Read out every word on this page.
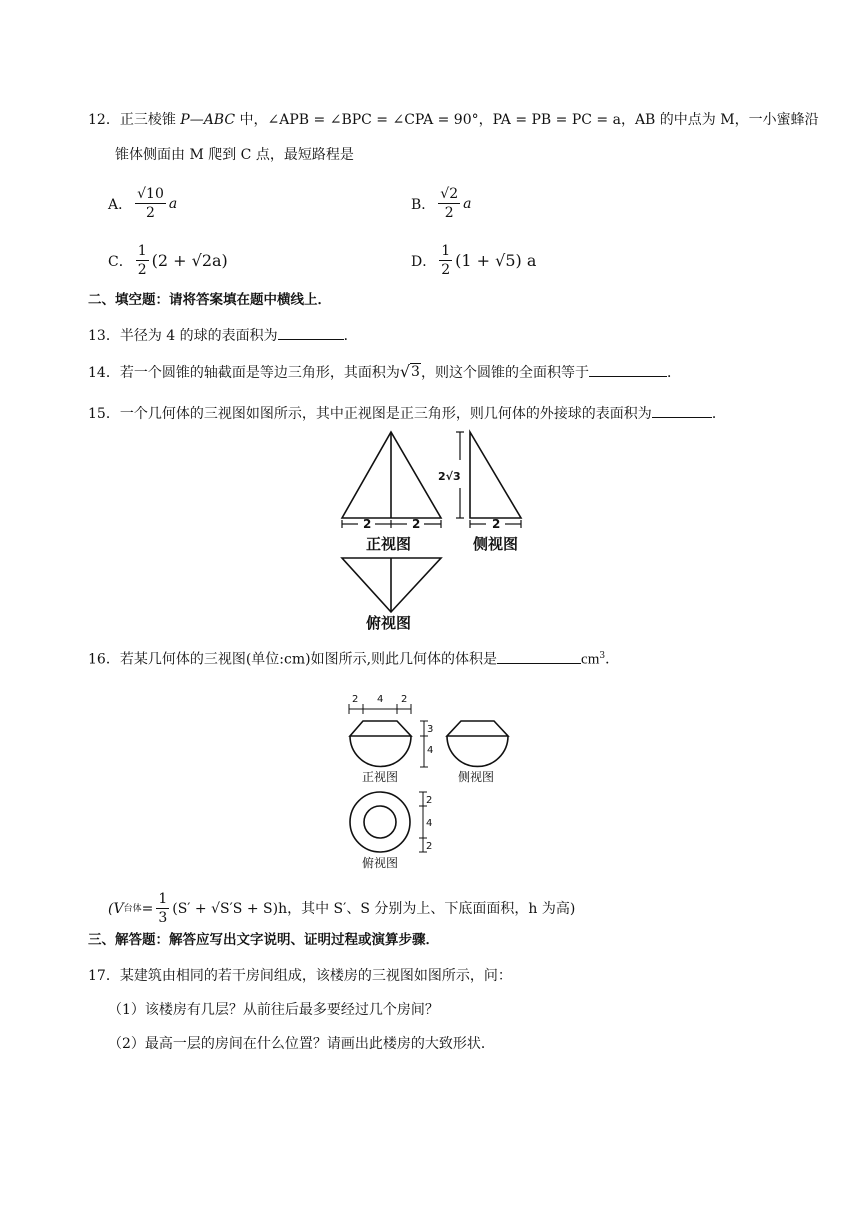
12．正三棱锥 P—ABC 中，∠APB = ∠BPC = ∠CPA = 90°，PA = PB = PC = a，AB 的中点为 M，一小蜜蜂沿
锥体侧面由 M 爬到 C 点，最短路程是
A． $\frac{√10}{2}$ a	B． $\frac{√2}{2}$ a
C． $\frac{1}{2} (2 + √2a)$	D． $\frac{1}{2} (1 + √5)$ a
二、填空题：请将答案填在题中横线上．
13．半径为 4 的球的表面积为	．
14．若一个圆锥的轴截面是等边三角形，其面积为 √ 3 ，则这个圆锥的全面积等于	．
15．一个几何体的三视图如图所示，其中正视图是正三角形，则几何体的外接球的表面积为	．
2	2	2
2√3
正视图	侧视图
俯视图
16．若某几何体的三视图(单位:cm)如图所示,则此几何体的体积是	$cm^3$．
2 4 2
3
4
2
4
2
正视图	侧视图
俯视图
(V 台体 = $\frac{1}{3} (S' + √S'S + S)h$，其中 S′、S 分别为上、下底面面积，h 为高)
三、解答题：解答应写出文字说明、证明过程或演算步骤．
17．某建筑由相同的若干房间组成，该楼房的三视图如图所示，问：
（1）该楼房有几层？从前往后最多要经过几个房间？
（2）最高一层的房间在什么位置？请画出此楼房的大致形状．
